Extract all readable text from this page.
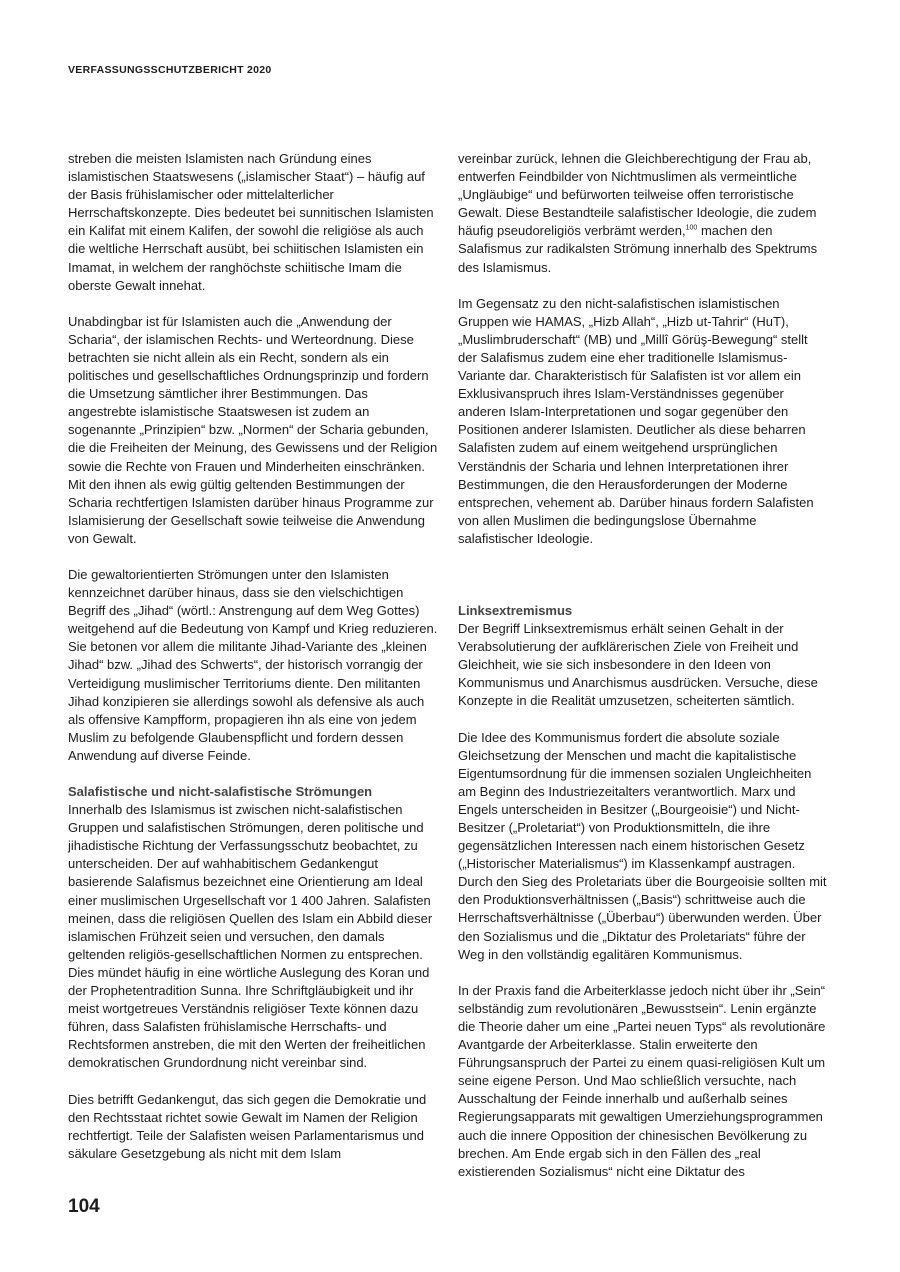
VERFASSUNGSSCHUTZBERICHT 2020

streben die meisten Islamisten nach Gründung eines islamistischen Staatswesens („islamischer Staat“) – häufig auf der Basis frühislamischer oder mittelalterlicher Herrschaftskonzepte. Dies bedeutet bei sunnitischen Islamisten ein Kalifat mit einem Kalifen, der sowohl die religiöse als auch die weltliche Herrschaft ausübt, bei schiitischen Islamisten ein Imamat, in welchem der ranghöchste schiitische Imam die oberste Gewalt innehat.

Unabdingbar ist für Islamisten auch die „Anwendung der Scharia“, der islamischen Rechts- und Werteordnung. Diese betrachten sie nicht allein als ein Recht, sondern als ein politisches und gesellschaftliches Ordnungsprinzip und fordern die Umsetzung sämtlicher ihrer Bestimmungen. Das angestrebte islamistische Staatswesen ist zudem an sogenannte „Prinzipien“ bzw. „Normen“ der Scharia gebunden, die die Freiheiten der Meinung, des Gewissens und der Religion sowie die Rechte von Frauen und Minderheiten einschränken. Mit den ihnen als ewig gültig geltenden Bestimmungen der Scharia rechtfertigen Islamisten darüber hinaus Programme zur Islamisierung der Gesellschaft sowie teilweise die Anwendung von Gewalt.

Die gewaltorientierten Strömungen unter den Islamisten kennzeichnet darüber hinaus, dass sie den vielschichtigen Begriff des „Jihad“ (wörtl.: Anstrengung auf dem Weg Gottes) weitgehend auf die Bedeutung von Kampf und Krieg reduzieren. Sie betonen vor allem die militante Jihad-Variante des „kleinen Jihad“ bzw. „Jihad des Schwerts“, der historisch vorrangig der Verteidigung muslimischer Territoriums diente. Den militanten Jihad konzipieren sie allerdings sowohl als defensive als auch als offensive Kampfform, propagieren ihn als eine von jedem Muslim zu befolgende Glaubenspflicht und fordern dessen Anwendung auf diverse Feinde.

Salafistische und nicht-salafistische Strömungen

Innerhalb des Islamismus ist zwischen nicht-salafistischen Gruppen und salafistischen Strömungen, deren politische und jihadistische Richtung der Verfassungsschutz beobachtet, zu unterscheiden. Der auf wahhabitischem Gedankengut basierende Salafismus bezeichnet eine Orientierung am Ideal einer muslimischen Urgesellschaft vor 1 400 Jahren. Salafisten meinen, dass die religiösen Quellen des Islam ein Abbild dieser islamischen Frühzeit seien und versuchen, den damals geltenden religiös-gesellschaftlichen Normen zu entsprechen. Dies mündet häufig in eine wörtliche Auslegung des Koran und der Prophetentradition Sunna. Ihre Schriftgläubigkeit und ihr meist wortgetreues Verständnis religiöser Texte können dazu führen, dass Salafisten frühislamische Herrschafts- und Rechtsformen anstreben, die mit den Werten der freiheitlichen demokratischen Grundordnung nicht vereinbar sind.

Dies betrifft Gedankengut, das sich gegen die Demokratie und den Rechtsstaat richtet sowie Gewalt im Namen der Religion rechtfertigt. Teile der Salafisten weisen Parlamentarismus und säkulare Gesetzgebung als nicht mit dem Islam

vereinbar zurück, lehnen die Gleichberechtigung der Frau ab, entwerfen Feindbilder von Nichtmuslimen als vermeintliche „Ungläubige“ und befürworten teilweise offen terroristische Gewalt. Diese Bestandteile salafistischer Ideologie, die zudem häufig pseudoreligiös verbrämt werden,$^{100}$ machen den Salafismus zur radikalsten Strömung innerhalb des Spektrums des Islamismus.

Im Gegensatz zu den nicht-salafistischen islamistischen Gruppen wie HAMAS, „Hizb Allah“, „Hizb ut-Tahrir“ (HuT), „Muslimbruderschaft“ (MB) und „Millî Görüş-Bewegung“ stellt der Salafismus zudem eine eher traditionelle Islamismus-Variante dar. Charakteristisch für Salafisten ist vor allem ein Exklusivanspruch ihres Islam-Verständnisses gegenüber anderen Islam-Interpretationen und sogar gegenüber den Positionen anderer Islamisten. Deutlicher als diese beharren Salafisten zudem auf einem weitgehend ursprünglichen Verständnis der Scharia und lehnen Interpretationen ihrer Bestimmungen, die den Herausforderungen der Moderne entsprechen, vehement ab. Darüber hinaus fordern Salafisten von allen Muslimen die bedingungslose Übernahme salafistischer Ideologie.

Linksextremismus

Der Begriff Linksextremismus erhält seinen Gehalt in der Verabsolutierung der aufklärerischen Ziele von Freiheit und Gleichheit, wie sie sich insbesondere in den Ideen von Kommunismus und Anarchismus ausdrücken. Versuche, diese Konzepte in die Realität umzusetzen, scheiterten sämtlich.

Die Idee des Kommunismus fordert die absolute soziale Gleichsetzung der Menschen und macht die kapitalistische Eigentumsordnung für die immensen sozialen Ungleichheiten am Beginn des Industriezeitalters verantwortlich. Marx und Engels unterscheiden in Besitzer („Bourgeoisie“) und Nicht-Besitzer („Proletariat“) von Produktionsmitteln, die ihre gegensätzlichen Interessen nach einem historischen Gesetz („Historischer Materialismus“) im Klassenkampf austragen. Durch den Sieg des Proletariats über die Bourgeoisie sollten mit den Produktionsverhältnissen („Basis“) schrittweise auch die Herrschaftsverhältnisse („Überbau“) überwunden werden. Über den Sozialismus und die „Diktatur des Proletariats“ führe der Weg in den vollständig egalitären Kommunismus.

In der Praxis fand die Arbeiterklasse jedoch nicht über ihr „Sein“ selbständig zum revolutionären „Bewusstsein“. Lenin ergänzte die Theorie daher um eine „Partei neuen Typs“ als revolutionäre Avantgarde der Arbeiterklasse. Stalin erweiterte den Führungsanspruch der Partei zu einem quasi-religiösen Kult um seine eigene Person. Und Mao schließlich versuchte, nach Ausschaltung der Feinde innerhalb und außerhalb seines Regierungsapparats mit gewaltigen Umerziehungsprogrammen auch die innere Opposition der chinesischen Bevölkerung zu brechen. Am Ende ergab sich in den Fällen des „real existierenden Sozialismus“ nicht eine Diktatur des

104
